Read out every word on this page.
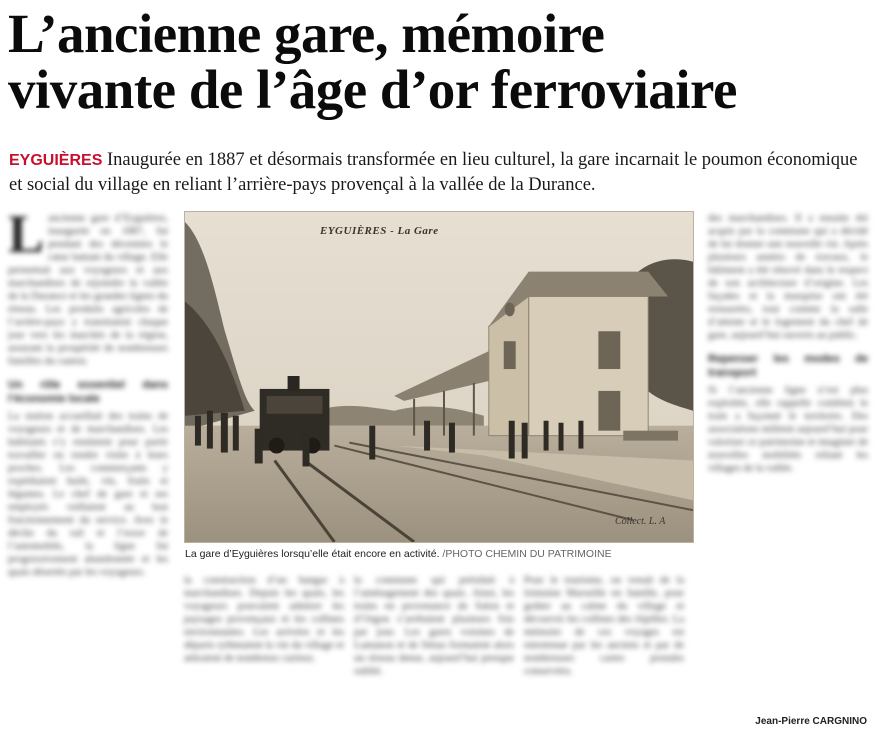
L’ancienne gare, mémoire
vivante de l’âge d’or ferroviaire

EYGUIÈRES Inaugurée en 1887 et désormais transformée en lieu culturel, la gare incarnait le poumon économique et social du village en reliant l’arrière-pays provençal à la vallée de la Durance.

L ancienne gare d’Eyguières, inaugurée en 1887, fut pendant des décennies le cœur battant du village. Elle permettait aux voyageurs et aux marchandises de rejoindre la vallée de la Durance et les grandes lignes du réseau. Les produits agricoles de l’arrière-pays y transitaient chaque jour vers les marchés de la région, assurant la prospérité de nombreuses familles du canton.

Un rôle essentiel dans l’économie locale

La station accueillait des trains de voyageurs et de marchandises. Les habitants s’y rendaient pour partir travailler ou rendre visite à leurs proches. Les commerçants y expédiaient huile, vin, fruits et légumes. Le chef de gare et ses employés veillaient au bon fonctionnement du service. Avec le déclin du rail et l’essor de l’automobile, la ligne fut progressivement abandonnée et les quais désertés par les voyageurs.

des marchandises. Il a ensuite été acquis par la commune qui a décidé de lui donner une nouvelle vie. Après plusieurs années de travaux, le bâtiment a été rénové dans le respect de son architecture d’origine. Les façades et la marquise ont été restaurées, tout comme la salle d’attente et le logement du chef de gare, aujourd’hui ouverts au public.

Repenser les modes de transport

Si l’ancienne ligne n’est plus exploitée, elle rappelle combien le train a façonné le territoire. Des associations militent aujourd’hui pour valoriser ce patrimoine et imaginer de nouvelles mobilités reliant les villages de la vallée.

la construction d’un hangar à marchandises. Depuis les quais, les voyageurs pouvaient admirer les paysages provençaux et les collines environnantes. Les arrivées et les départs rythmaient la vie du village et attiraient de nombreux curieux.

la commune qui présidait à l’aménagement des quais. Ainsi, les trains en provenance de Salon et d’Orgon s’arrêtaient plusieurs fois par jour. Les gares voisines de Lamanon et de Sénas formaient alors un réseau dense, aujourd’hui presque oublié.

Pour le tourisme, on venait de la lointaine Marseille en famille, pour goûter au calme du village et découvrir les collines des Alpilles. La mémoire de ces voyages est entretenue par les anciens et par de nombreuses cartes postales conservées.

EYGUIÈRES - La Gare
Collect. L. A

La gare d’Eyguières lorsqu’elle était encore en activité. /PHOTO CHEMIN DU PATRIMOINE

Jean-Pierre CARGNINO
